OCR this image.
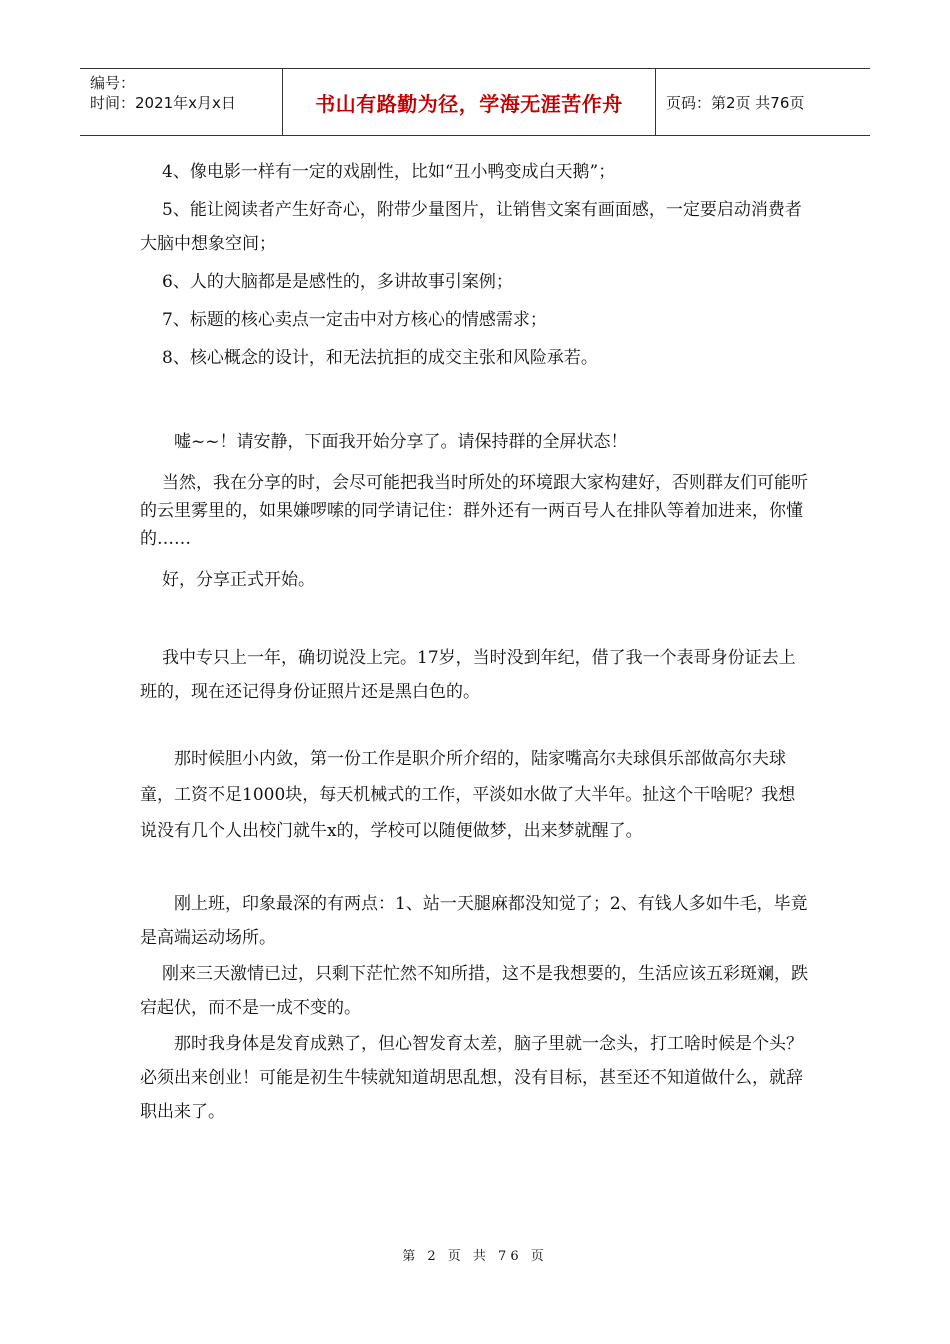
编号：
时间：2021年x月x日	书山有路勤为径，学海无涯苦作舟	页码：第2页 共76页

4、像电影一样有一定的戏剧性，比如“丑小鸭变成白天鹅”；

5、能让阅读者产生好奇心，附带少量图片，让销售文案有画面感，一定要启动消费者大脑中想象空间；

6、人的大脑都是是感性的，多讲故事引案例；

7、标题的核心卖点一定击中对方核心的情感需求；

8、核心概念的设计，和无法抗拒的成交主张和风险承若。

嘘~~！请安静，下面我开始分享了。请保持群的全屏状态！

当然，我在分享的时，会尽可能把我当时所处的环境跟大家构建好，否则群友们可能听的云里雾里的，如果嫌啰嗦的同学请记住：群外还有一两百号人在排队等着加进来，你懂的……

好，分享正式开始。

我中专只上一年，确切说没上完。17岁，当时没到年纪，借了我一个表哥身份证去上班的，现在还记得身份证照片还是黑白色的。

那时候胆小内敛，第一份工作是职介所介绍的，陆家嘴高尔夫球俱乐部做高尔夫球童，工资不足1000块，每天机械式的工作，平淡如水做了大半年。扯这个干啥呢？我想说没有几个人出校门就牛x的，学校可以随便做梦，出来梦就醒了。

刚上班，印象最深的有两点：1、站一天腿麻都没知觉了；2、有钱人多如牛毛，毕竟是高端运动场所。

刚来三天激情已过，只剩下茫忙然不知所措，这不是我想要的，生活应该五彩斑斓，跌宕起伏，而不是一成不变的。

那时我身体是发育成熟了，但心智发育太差，脑子里就一念头，打工啥时候是个头？必须出来创业！可能是初生牛犊就知道胡思乱想，没有目标，甚至还不知道做什么，就辞职出来了。

第 2 页 共 76 页
